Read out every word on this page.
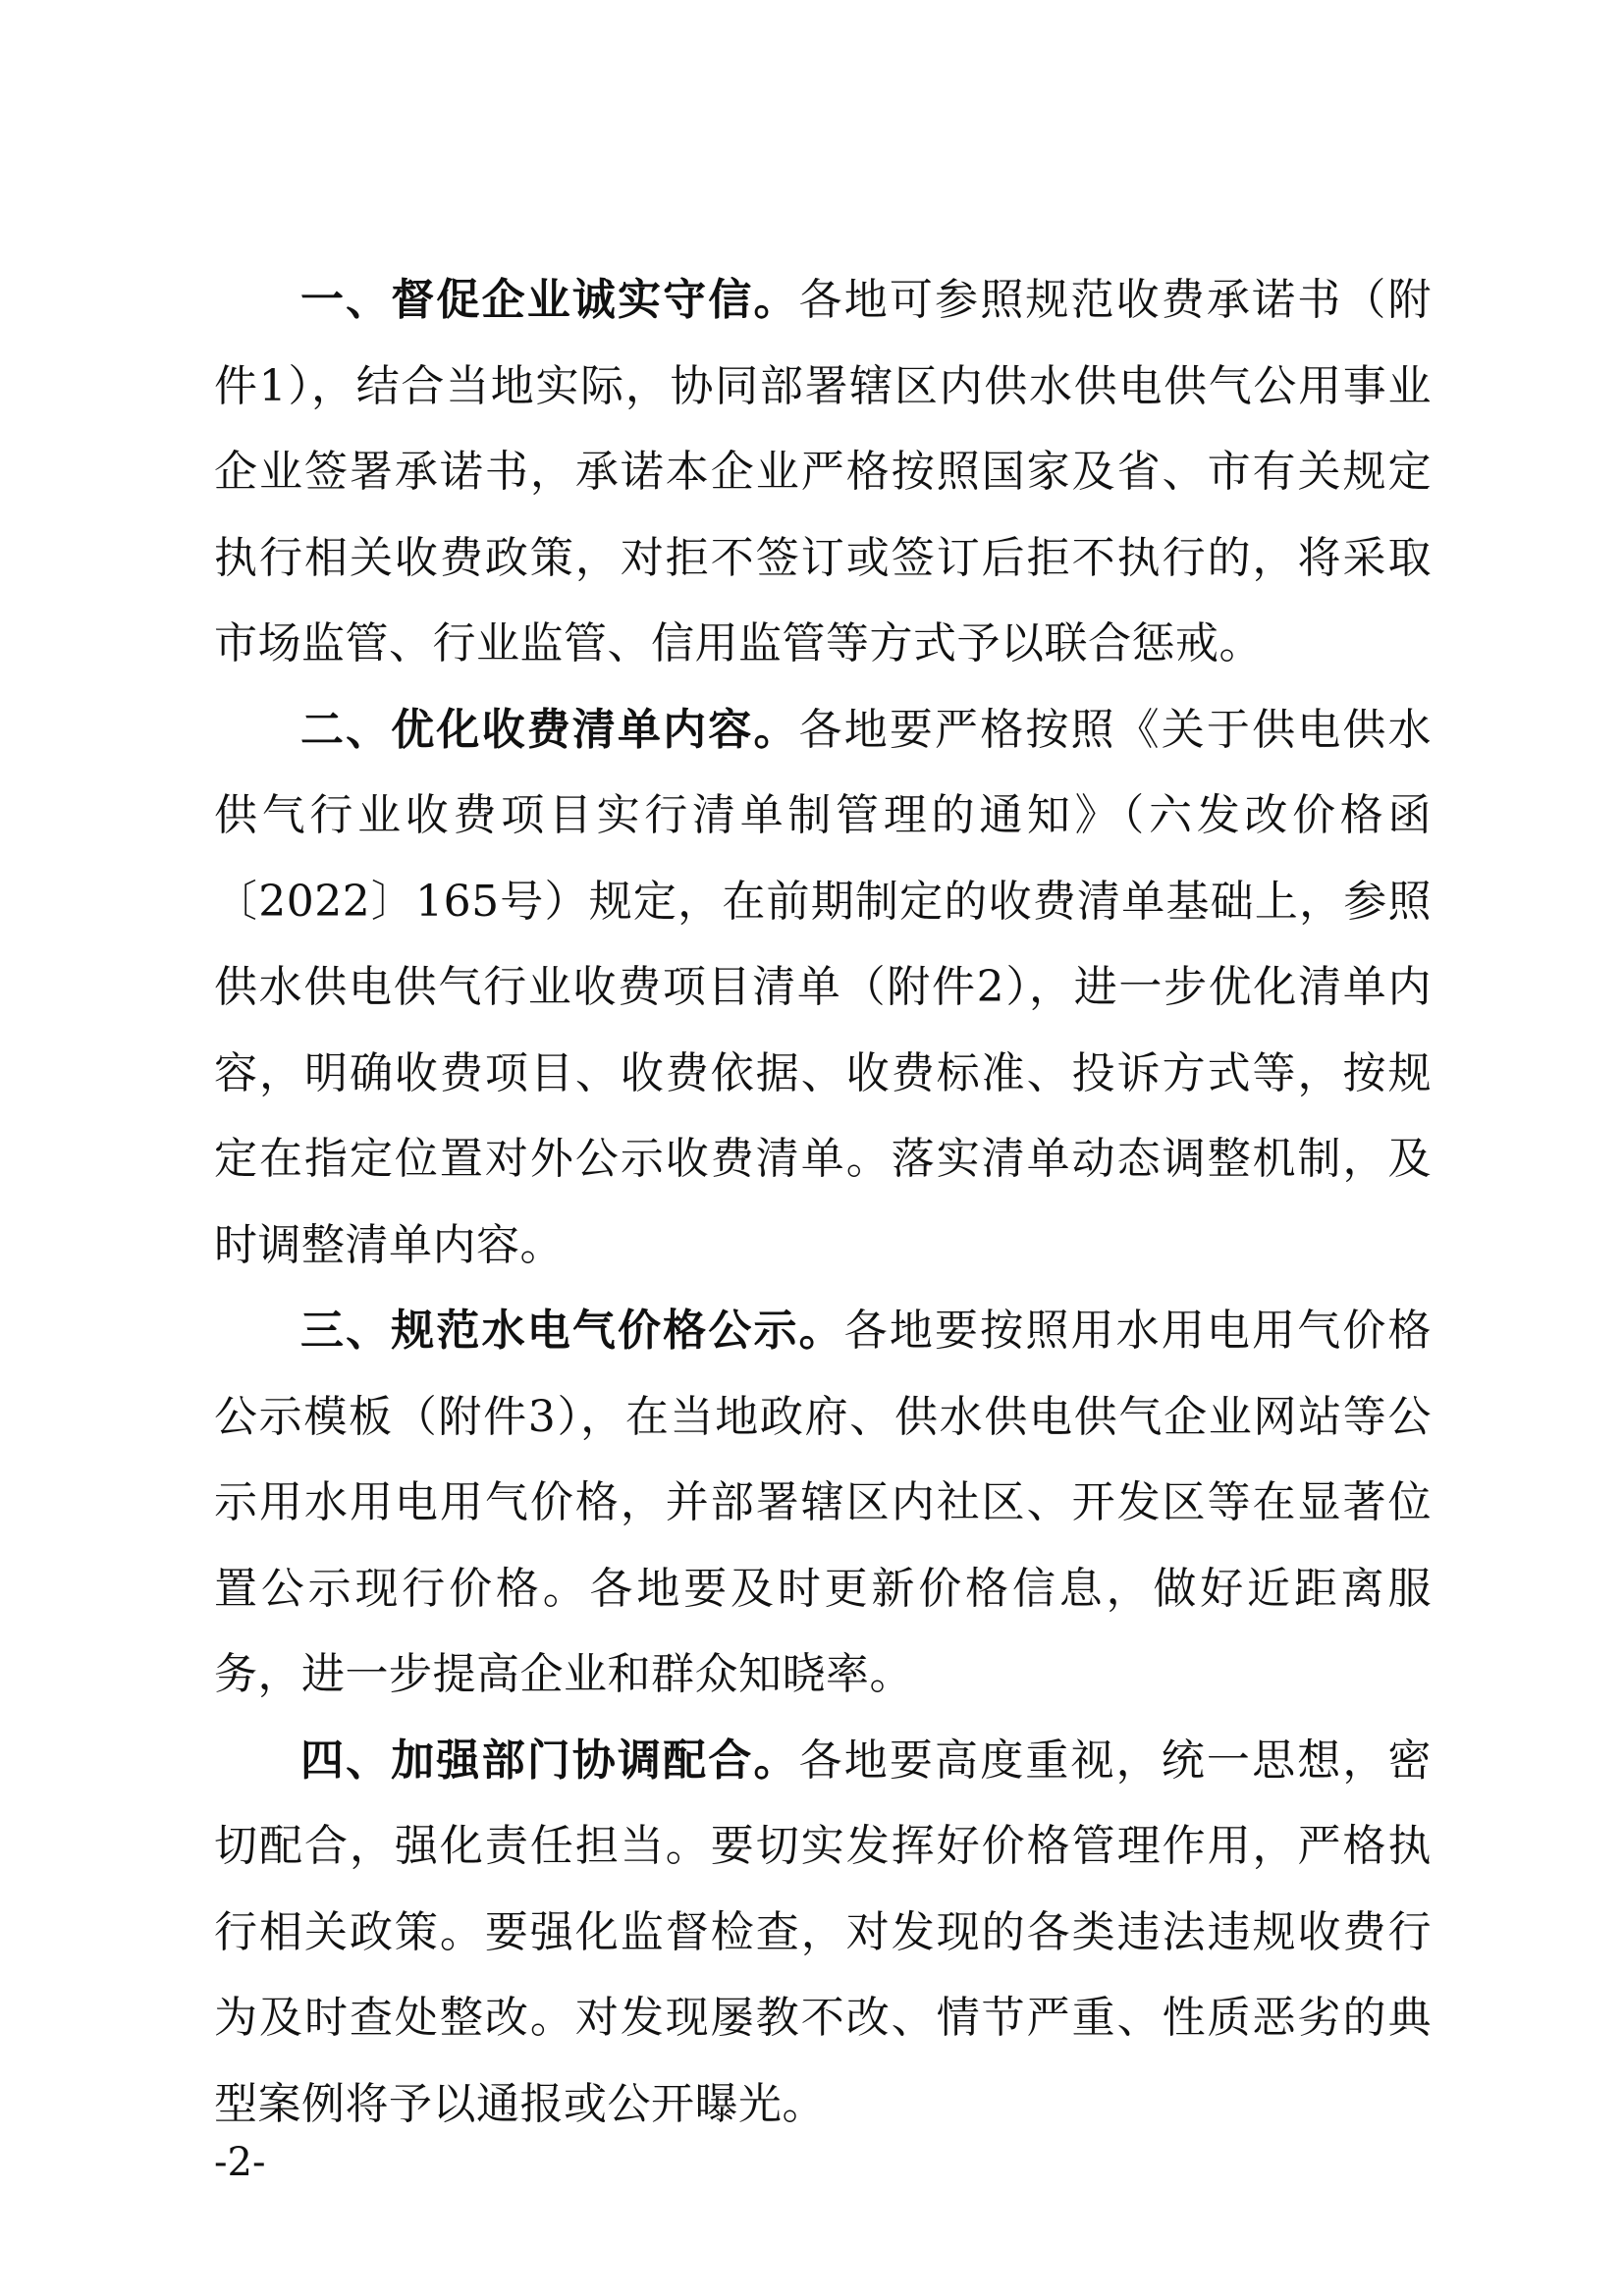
一、督促企业诚实守信。各地可参照规范收费承诺书（附件1），结合当地实际，协同部署辖区内供水供电供气公用事业企业签署承诺书，承诺本企业严格按照国家及省、市有关规定执行相关收费政策，对拒不签订或签订后拒不执行的，将采取市场监管、行业监管、信用监管等方式予以联合惩戒。

二、优化收费清单内容。各地要严格按照《关于供电供水供气行业收费项目实行清单制管理的通知》（六发改价格函〔2022〕165号）规定，在前期制定的收费清单基础上，参照供水供电供气行业收费项目清单（附件2），进一步优化清单内容，明确收费项目、收费依据、收费标准、投诉方式等，按规定在指定位置对外公示收费清单。落实清单动态调整机制，及时调整清单内容。

三、规范水电气价格公示。各地要按照用水用电用气价格公示模板（附件3），在当地政府、供水供电供气企业网站等公示用水用电用气价格，并部署辖区内社区、开发区等在显著位置公示现行价格。各地要及时更新价格信息，做好近距离服务，进一步提高企业和群众知晓率。

四、加强部门协调配合。各地要高度重视，统一思想，密切配合，强化责任担当。要切实发挥好价格管理作用，严格执行相关政策。要强化监督检查，对发现的各类违法违规收费行为及时查处整改。对发现屡教不改、情节严重、性质恶劣的典型案例将予以通报或公开曝光。

-2-
